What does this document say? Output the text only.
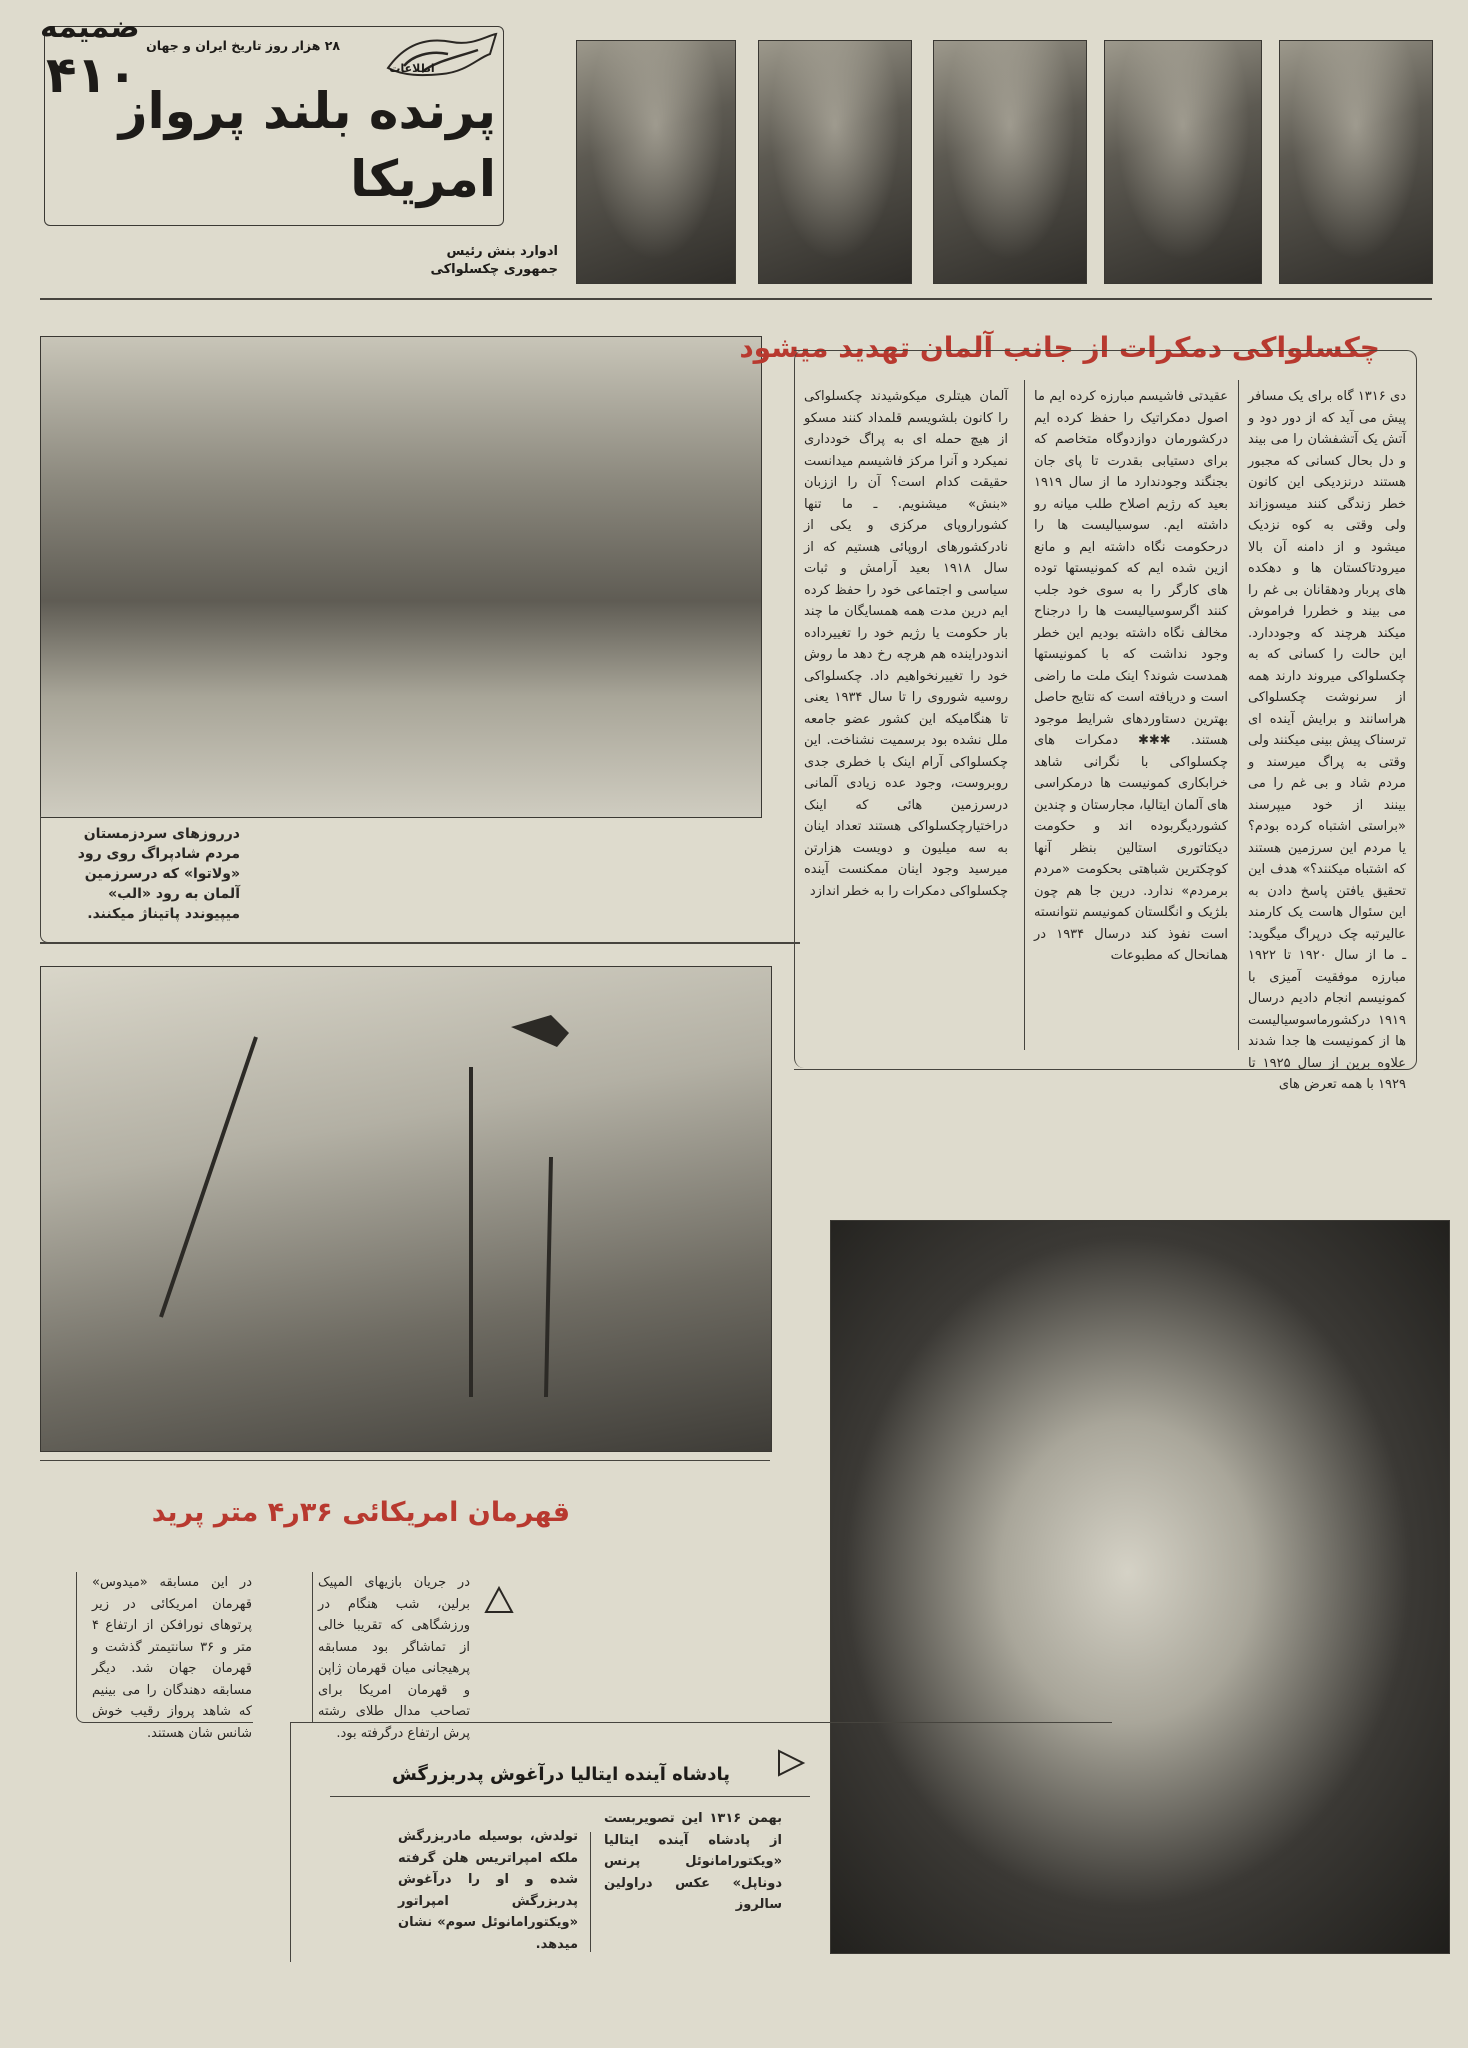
ضمیمه
۴۱۰
۲۸ هزار روز تاریخ ایران و جهان
اطلاعات
پرنده بلند پرواز
امریکا
ادوارد بنش رئیس
جمهوری چکسلواکی
درروزهای سردزمستان مردم شادپراگ روی رود «ولاتوا» که درسرزمین آلمان به رود «الب» میپیوندد پاتیناژ میکنند.
چکسلواکی دمکرات از جانب آلمان تهدید میشود
دی ۱۳۱۶ گاه برای یک مسافر پیش می آید که از دور دود و آتش یک آتشفشان را می بیند و دل بحال کسانی که مجبور هستند درنزدیکی این کانون خطر زندگی کنند میسوزاند ولی وقتی به کوه نزدیک میشود و از دامنه آن بالا میرودتاکستان ها و دهکده های پربار ودهقانان بی غم را می بیند و خطررا فراموش میکند هرچند که وجوددارد. این حالت را کسانی که به چکسلواکی میروند دارند همه از سرنوشت چکسلواکی هراسانند و برایش آینده ای ترسناک پیش بینی میکنند ولی وقتی به پراگ میرسند و مردم شاد و بی غم را می بینند از خود میپرسند «براستی اشتباه کرده بودم؟ یا مردم این سرزمین هستند که اشتباه میکنند؟» هدف این تحقیق یافتن پاسخ دادن به این سئوال هاست یک کارمند عالیرتبه چک درپراگ میگوید: ـ ما از سال ۱۹۲۰ تا ۱۹۲۲ مبارزه موفقیت آمیزی با کمونیسم انجام دادیم درسال ۱۹۱۹ درکشورماسوسیالیست ها از کمونیست ها جدا شدند علاوه برین از سال ۱۹۲۵ تا ۱۹۲۹ با همه تعرض های
عقیدتی فاشیسم مبارزه کرده ایم ما اصول دمکراتیک را حفظ کرده ایم درکشورمان دوازدوگاه متخاصم که برای دستیابی بقدرت تا پای جان بجنگند وجودندارد ما از سال ۱۹۱۹ بعید که رژیم اصلاح طلب میانه رو داشته ایم. سوسیالیست ها را درحکومت نگاه داشته ایم و مانع ازین شده ایم که کمونیستها توده های کارگر را به سوی خود جلب کنند اگرسوسیالیست ها را درجناح مخالف نگاه داشته بودیم این خطر وجود نداشت که با کمونیستها همدست شوند؟ اینک ملت ما راضی است و دریافته است که نتایج حاصل بهترین دستاوردهای شرایط موجود هستند. ✱✱✱ دمکرات های چکسلواکی با نگرانی شاهد خرابکاری کمونیست ها درمکراسی های آلمان ایتالیا، مجارستان و چندین کشوردیگربوده اند و حکومت دیکتاتوری استالین بنظر آنها کوچکترین شباهتی بحکومت «مردم برمردم» ندارد. درین جا هم چون بلژیک و انگلستان کمونیسم نتوانسته است نفوذ کند درسال ۱۹۳۴ در همانحال که مطبوعات
آلمان هیتلری میکوشیدند چکسلواکی را کانون بلشویسم قلمداد کنند مسکو از هیچ حمله ای به پراگ خودداری نمیکرد و آنرا مرکز فاشیسم میدانست حقیقت کدام است؟ آن را اززبان «بنش» میشنویم. ـ ما تنها کشوراروپای مرکزی و یکی از نادرکشورهای اروپائی هستیم که از سال ۱۹۱۸ بعید آرامش و ثبات سیاسی و اجتماعی خود را حفظ کرده ایم درین مدت همه همسایگان ما چند بار حکومت یا رژیم خود را تغییرداده اندودراینده هم هرچه رخ دهد ما روش خود را تغییرنخواهیم داد. چکسلواکی روسیه شوروی را تا سال ۱۹۳۴ یعنی تا هنگامیکه این کشور عضو جامعه ملل نشده بود برسمیت نشناخت. این چکسلواکی آرام اینک با خطری جدی روبروست، وجود عده زیادی آلمانی درسرزمین هائی که اینک دراختیارچکسلواکی هستند تعداد اینان به سه میلیون و دویست هزارتن میرسید وجود اینان ممکنست آینده چکسلواکی دمکرات را به خطر اندازد
قهرمان امریکائی ۳۶ر۴ متر پرید
در جریان بازیهای المپیک برلین، شب هنگام در ورزشگاهی که تقریبا خالی از تماشاگر بود مسابقه پرهیجانی میان قهرمان ژاپن و قهرمان امریکا برای تصاحب مدال طلای رشته پرش ارتفاع درگرفته بود.
در این مسابقه «میدوس» قهرمان امریکائی در زیر پرتوهای نورافکن از ارتفاع ۴ متر و ۳۶ سانتیمتر گذشت و قهرمان جهان شد. دیگر مسابقه دهندگان را می بینیم که شاهد پرواز رقیب خوش شانس شان هستند.
پادشاه آینده ایتالیا درآغوش پدربزرگش
بهمن ۱۳۱۶ این تصویربست از پادشاه آینده ایتالیا «ویکتورامانوئل پرنس دوناپل» عکس دراولین سالروز
تولدش، بوسیله مادربزرگش ملکه امپراتریس هلن گرفته شده و او را درآغوش پدربزرگش امپراتور «ویکتورامانوئل سوم» نشان میدهد.
